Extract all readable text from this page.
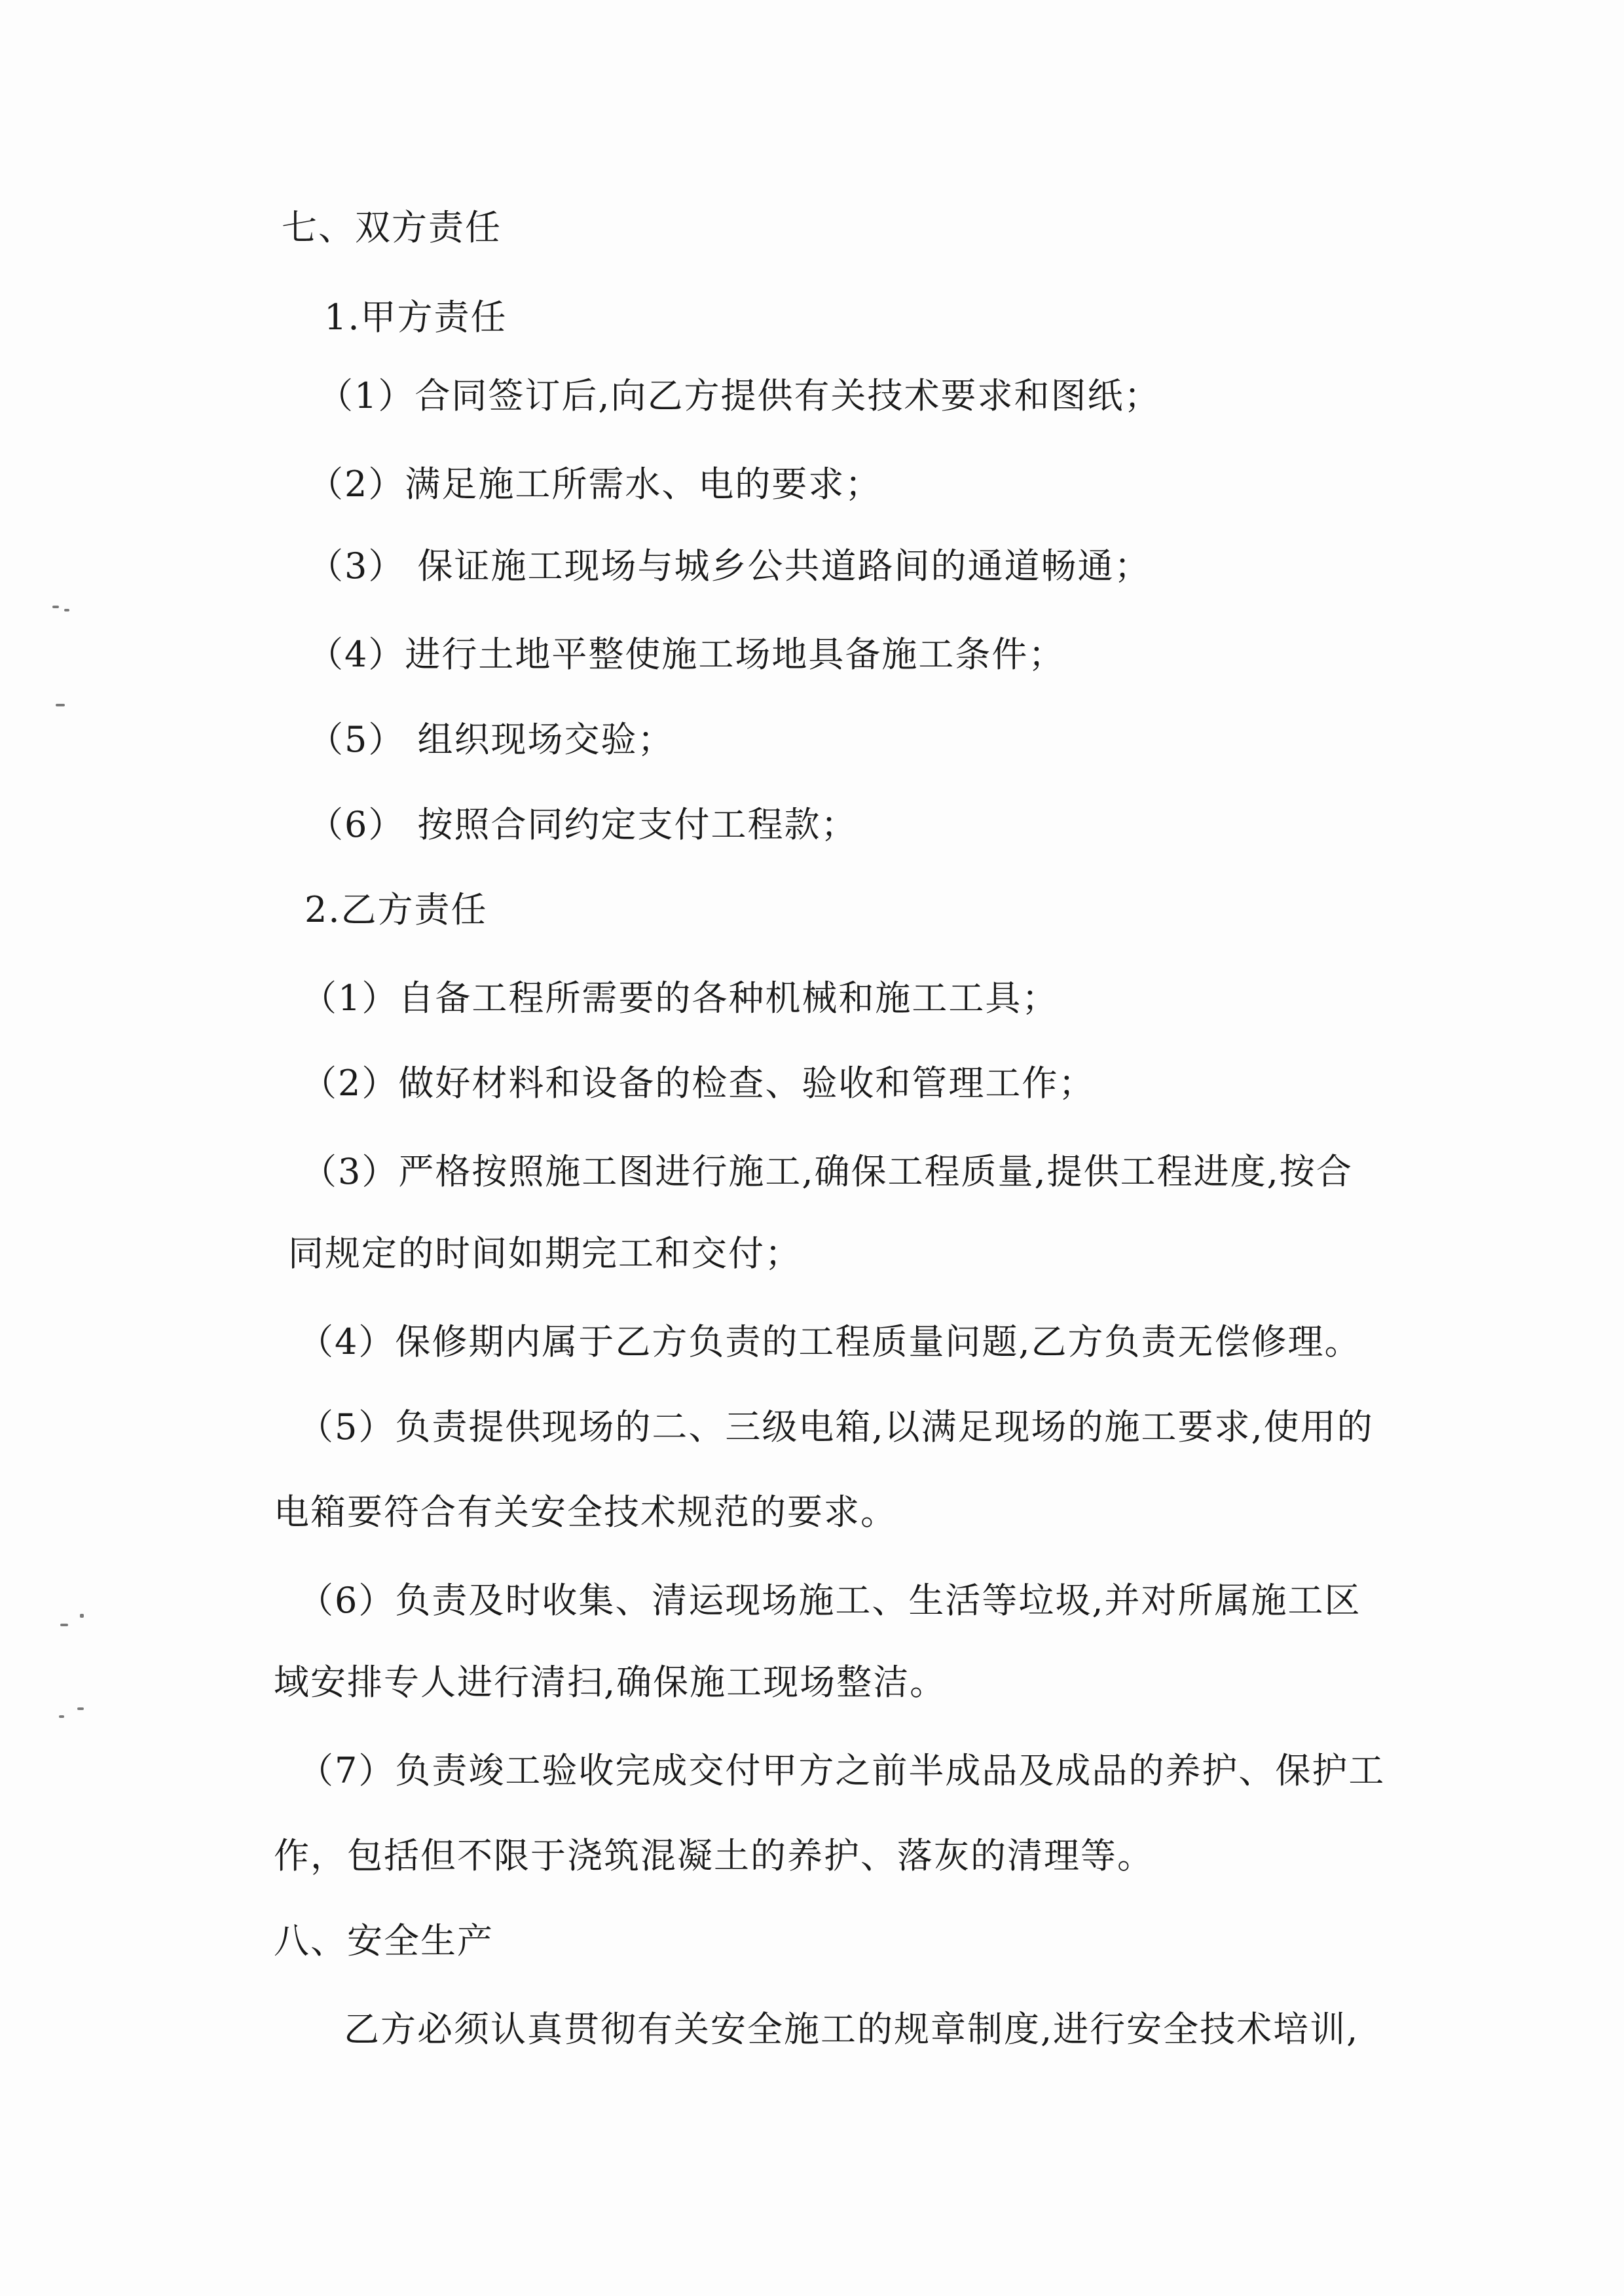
七、双方责任
1.甲方责任
（1）合同签订后,向乙方提供有关技术要求和图纸；
（2）满足施工所需水、电的要求；
（3） 保证施工现场与城乡公共道路间的通道畅通；
（4）进行土地平整使施工场地具备施工条件；
（5） 组织现场交验；
（6） 按照合同约定支付工程款；
2.乙方责任
（1）自备工程所需要的各种机械和施工工具；
（2）做好材料和设备的检查、验收和管理工作；
（3）严格按照施工图进行施工,确保工程质量,提供工程进度,按合
同规定的时间如期完工和交付；
（4）保修期内属于乙方负责的工程质量问题,乙方负责无偿修理。
（5）负责提供现场的二、三级电箱,以满足现场的施工要求,使用的
电箱要符合有关安全技术规范的要求。
（6）负责及时收集、清运现场施工、生活等垃圾,并对所属施工区
域安排专人进行清扫,确保施工现场整洁。
（7）负责竣工验收完成交付甲方之前半成品及成品的养护、保护工
作，包括但不限于浇筑混凝土的养护、落灰的清理等。
八、安全生产
乙方必须认真贯彻有关安全施工的规章制度,进行安全技术培训,
